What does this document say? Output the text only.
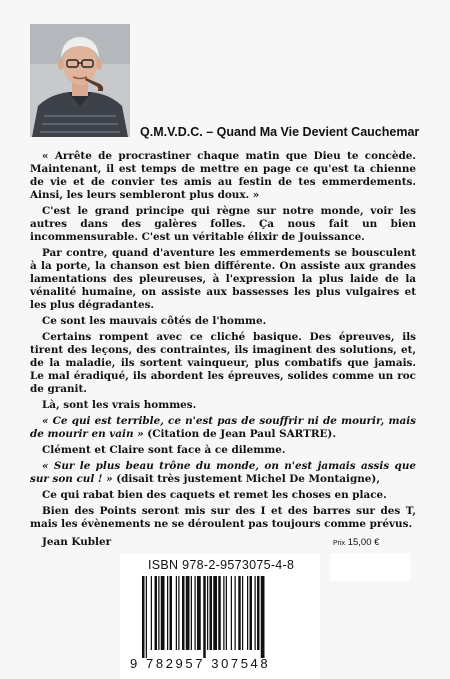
Q.M.V.D.C. – Quand Ma Vie Devient Cauchemar

« Arrête de procrastiner chaque matin que Dieu te concède. Maintenant, il est temps de mettre en page ce qu'est ta chienne de vie et de convier tes amis au festin de tes emmerdements. Ainsi, les leurs sembleront plus doux. »

C'est le grand principe qui règne sur notre monde, voir les autres dans des galères folles. Ça nous fait un bien incommensurable. C'est un véritable élixir de Jouissance.

Par contre, quand d'aventure les emmerdements se bousculent à la porte, la chanson est bien différente. On assiste aux grandes lamentations des pleureuses, à l'expression la plus laide de la vénalité humaine, on assiste aux bassesses les plus vulgaires et les plus dégradantes.

Ce sont les mauvais côtés de l'homme.

Certains rompent avec ce cliché basique. Des épreuves, ils tirent des leçons, des contraintes, ils imaginent des solutions, et, de la maladie, ils sortent vainqueur, plus combatifs que jamais. Le mal éradiqué, ils abordent les épreuves, solides comme un roc de granit.

Là, sont les vrais hommes.

« Ce qui est terrible, ce n'est pas de souffrir ni de mourir, mais de mourir en vain » (Citation de Jean Paul SARTRE).

Clément et Claire sont face à ce dilemme.

« Sur le plus beau trône du monde, on n'est jamais assis que sur son cul ! » (disait très justement Michel De Montaigne),

Ce qui rabat bien des caquets et remet les choses en place.

Bien des Points seront mis sur des I et des barres sur des T, mais les évènements ne se déroulent pas toujours comme prévus.

Jean Kubler	Prix 15,00 €
ISBN 978-2-9573075-4-8
9 782957 307548
